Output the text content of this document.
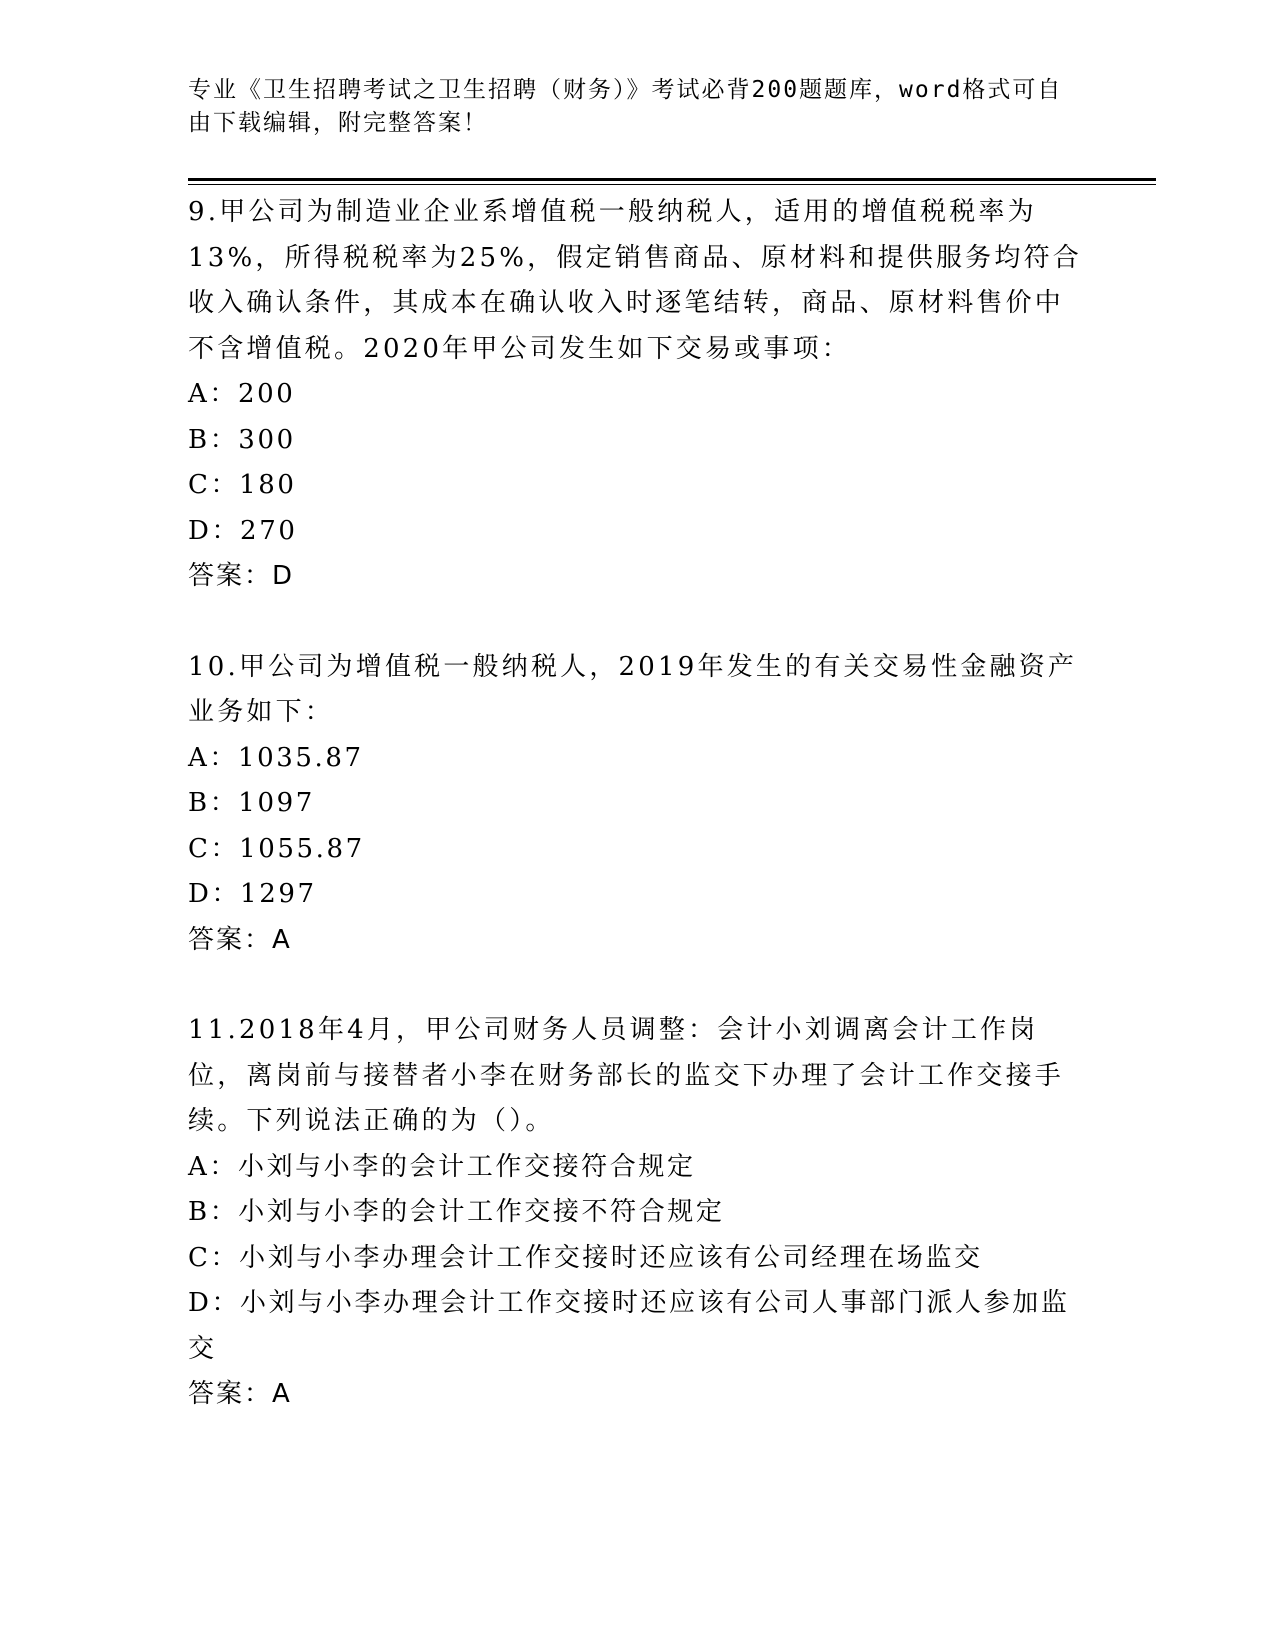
专业《卫生招聘考试之卫生招聘（财务）》考试必背200题题库，word格式可自由下载编辑，附完整答案！

9.甲公司为制造业企业系增值税一般纳税人，适用的增值税税率为13%，所得税税率为25%，假定销售商品、原材料和提供服务均符合收入确认条件，其成本在确认收入时逐笔结转，商品、原材料售价中不含增值税。2020年甲公司发生如下交易或事项：

A：200

B：300

C：180

D：270

答案：D

10.甲公司为增值税一般纳税人，2019年发生的有关交易性金融资产业务如下：

A：1035.87

B：1097

C：1055.87

D：1297

答案：A

11.2018年4月，甲公司财务人员调整：会计小刘调离会计工作岗位，离岗前与接替者小李在财务部长的监交下办理了会计工作交接手续。下列说法正确的为（）。

A：小刘与小李的会计工作交接符合规定

B：小刘与小李的会计工作交接不符合规定

C：小刘与小李办理会计工作交接时还应该有公司经理在场监交

D：小刘与小李办理会计工作交接时还应该有公司人事部门派人参加监交

答案：A
